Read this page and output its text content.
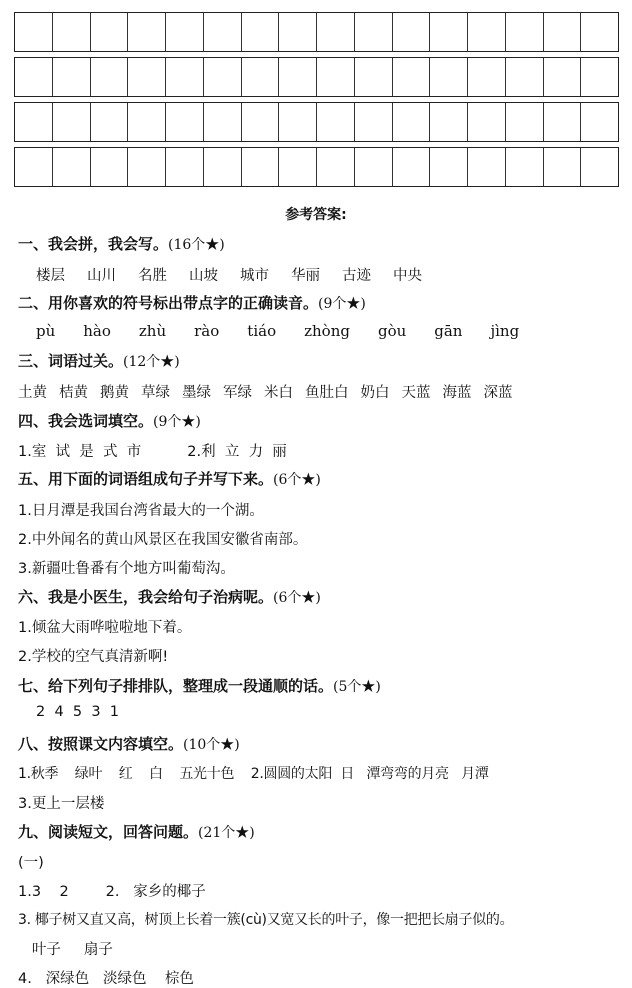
参考答案:
一、我会拼，我会写。(16个★)
楼层 山川 名胜 山坡 城市 华丽 古迹 中央
二、用你喜欢的符号标出带点字的正确读音。(9个★)
pù hào zhù rào tiáo zhòng gòu gān jìng
三、词语过关。(12个★)
土黄 桔黄 鹅黄 草绿 墨绿 军绿 米白 鱼肚白 奶白 天蓝 海蓝 深蓝
四、我会选词填空。(9个★)
1.室  试  是  式  市          2.利  立  力  丽
五、用下面的词语组成句子并写下来。(6个★)
1.日月潭是我国台湾省最大的一个湖。
2.中外闻名的黄山风景区在我国安徽省南部。
3.新疆吐鲁番有个地方叫葡萄沟。
六、我是小医生，我会给句子治病呢。(6个★)
1.倾盆大雨哗啦啦地下着。
2.学校的空气真清新啊!
七、给下列句子排排队，整理成一段通顺的话。(5个★)
2  4  5  3  1
八、按照课文内容填空。(10个★)
1.秋季    绿叶    红    白    五光十色    2.圆圆的太阳  日   潭弯弯的月亮   月潭
3.更上一层楼
九、阅读短文，回答问题。(21个★)
(一)
1.3    2        2.   家乡的椰子
3. 椰子树又直又高，树顶上长着一簇(cù)又宽又长的叶子，像一把把长扇子似的。
叶子     扇子
4.   深绿色   淡绿色    棕色
